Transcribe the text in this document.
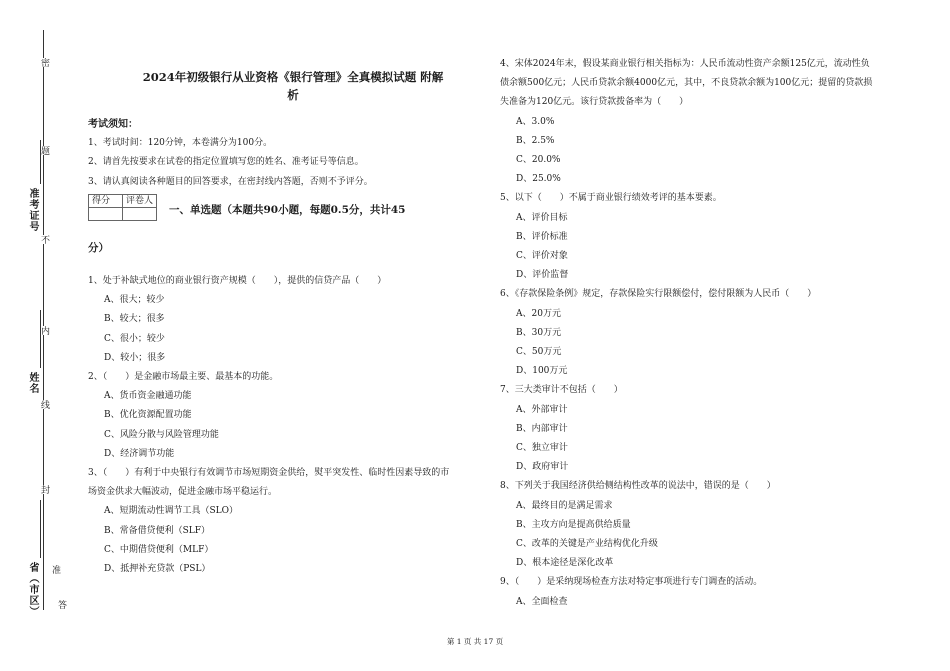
密
题
不
内
线
封
准
答
准考证号
姓名
省（市区）
2024年初级银行从业资格《银行管理》全真模拟试题 附解
析
考试须知：
1、考试时间：120分钟，本卷满分为100分。
2、请首先按要求在试卷的指定位置填写您的姓名、准考证号等信息。
3、请认真阅读各种题目的回答要求，在密封线内答题，否则不予评分。
得分	评卷人

一、单选题（本题共90小题，每题0.5分，共计45
分）
1、处于补缺式地位的商业银行资产规模（　　），提供的信贷产品（　　）
A、很大；较少
B、较大；很多
C、很小；较少
D、较小；很多
2、（　　）是金融市场最主要、最基本的功能。
A、货币资金融通功能
B、优化资源配置功能
C、风险分散与风险管理功能
D、经济调节功能
3、（　　）有利于中央银行有效调节市场短期资金供给，熨平突发性、临时性因素导致的市
场资金供求大幅波动，促进金融市场平稳运行。
A、短期流动性调节工具（SLO）
B、常备借贷便利（SLF）
C、中期借贷便利（MLF）
D、抵押补充贷款（PSL）
4、宋体2024年末，假设某商业银行相关指标为：人民币流动性资产余额125亿元，流动性负
债余额500亿元；人民币贷款余额4000亿元，其中，不良贷款余额为100亿元；提留的贷款损
失准备为120亿元。该行贷款拨备率为（　　）
A、3.0%
B、2.5%
C、20.0%
D、25.0%
5、以下（　　）不属于商业银行绩效考评的基本要素。
A、评价目标
B、评价标准
C、评价对象
D、评价监督
6、《存款保险条例》规定，存款保险实行限额偿付，偿付限额为人民币（　　）
A、20万元
B、30万元
C、50万元
D、100万元
7、三大类审计不包括（　　）
A、外部审计
B、内部审计
C、独立审计
D、政府审计
8、下列关于我国经济供给侧结构性改革的说法中，错误的是（　　）
A、最终目的是满足需求
B、主攻方向是提高供给质量
C、改革的关键是产业结构优化升级
D、根本途径是深化改革
9、（　　）是采纳现场检查方法对特定事项进行专门调查的活动。
A、全面检查
第 1 页 共 17 页
